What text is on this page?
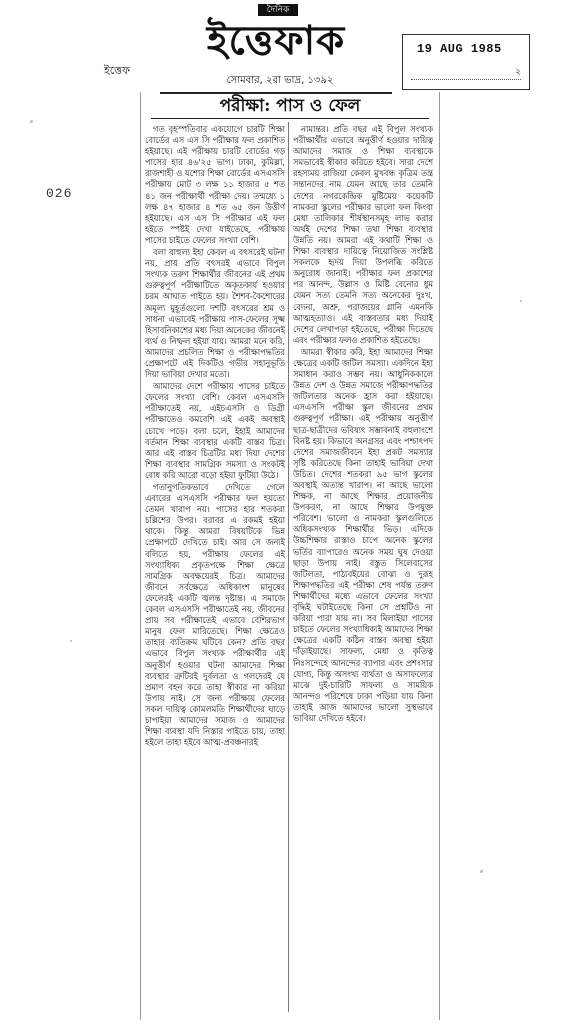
দৈনিক
ইত্তেফাক
সোমবার, ২রা ভাদ্র, ১৩৯২
ইত্তেফ
19 AUG 1985
২
026
পরীক্ষা: পাস ও ফেল

গত বৃহস্পতিবার একযোগে চারটি শিক্ষা বোর্ডের এস এস সি পরীক্ষার ফল প্রকাশিত হইয়াছে। এই পরীক্ষায় চারটি বোর্ডের গড় পাসের হার ৪৬'২৫ ভাগ। ঢাকা, কুমিল্লা, রাজশাহী ও যশোর শিক্ষা বোর্ডের এসএসসি পরীক্ষায় মোট ৩ লক্ষ ১১ হাজার ৫ শত ৪১ জন পরীক্ষার্থী পরীক্ষা দেয়। তন্মধ্যে ১ লক্ষ ৪৭ হাজার ৪ শত ৬৫ জন উত্তীর্ণ হইয়াছে। এস এস সি পরীক্ষার এই ফল হইতে স্পষ্টই দেখা যাইতেছে, পরীক্ষায় পাসের চাইতে ফেলের সংখ্যা বেশি।

বলা বাহুল্য ইহা কেবল এ বৎসরেই ঘটনা নয়, প্রায় প্রতি বৎসরই এভাবে বিপুল সংখ্যক তরুণ শিক্ষার্থীর জীবনের এই প্রথম গুরুত্বপূর্ণ পরীক্ষাটিতে অকৃতকার্য হওয়ার চরম আঘাত পাইতে হয়। শৈশব-কৈশোরের অমূল্য মুহূর্তগুলো দশটি বৎসরের শ্রম ও সাধনা এভাবেই পরীক্ষায় পাস-ফেলের সূক্ষ্ম হিসাবনিকাশের মধ্য দিয়া অনেকের জীবনেই ব্যর্থ ও নিষ্ফল হইয়া যায়। আমরা মনে করি, আমাদের প্রচলিত শিক্ষা ও পরীক্ষাপদ্ধতির প্রেক্ষাপটে এই দিকটিও গভীর সহানুভূতি দিয়া ভাবিয়া দেখার মতো।

আমাদের দেশে পরীক্ষায় পাসের চাইতে ফেলের সংখ্যা বেশি। কেবল এসএসসি পরীক্ষাতেই নয়, এইচএসসি ও ডিগ্রী পরীক্ষাতেও কমবেশি এই একই অবস্থাই চোখে পড়ে। বলা চলে, ইহাই আমাদের বর্তমান শিক্ষা ব্যবস্থার একটি বাস্তব চিত্র। আর এই বাস্তব চিত্রটির মধ্য দিয়া দেশের শিক্ষা ব্যবস্থার সামগ্রিক সমস্যা ও সংকটই বোধ করি আরো বড়ো হইয়া ফুটিয়া উঠে।

গতানুগতিকভাবে দেখিতে গেলে এবারের এসএসসি পরীক্ষার ফল হয়তো তেমন খারাপ নয়। পাসের হার শতকরা চল্লিশের উপর। বরাবর এ রকমই হইয়া থাকে। কিন্তু আমরা বিষয়টিকে ভিন্ন প্রেক্ষাপটে দেখিতে চাই। আর সে জন্যই বলিতে হয়, পরীক্ষায় ফেলের এই সংখ্যাধিক্য প্রকৃতপক্ষে শিক্ষা ক্ষেত্রে সামগ্রিক অবক্ষয়েরই চিত্র। আমাদের জীবনে সর্বক্ষেত্রে অধিকাংশ মানুষের ফেলেরই একটি জ্বলন্ত দৃষ্টান্ত। এ সমাজে কেবল এসএসসি পরীক্ষাতেই নয়, জীবনের প্রায় সব পরীক্ষাতেই এভাবে বেশিরভাগ মানুষ ফেল মারিতেছে। শিক্ষা ক্ষেত্রেও তাহার ব্যতিক্রম ঘটিবে কেন? প্রতি বছর এভাবে বিপুল সংখ্যক পরীক্ষার্থীর এই অনুত্তীর্ণ হওয়ার ঘটনা আমাদের শিক্ষা ব্যবস্থার ত্রুটিরই দুর্বলতা ও গলদেরই যে প্রমাণ বহন করে তাহা স্বীকার না করিয়া উপায় নাই। সে জন্য পরীক্ষায় ফেলের সকল দায়িত্ব কোমলমতি শিক্ষার্থীদের ঘাড়ে চাপাইয়া আমাদের সমাজ ও আমাদের শিক্ষা ব্যবস্থা যদি নিস্তার পাইতে চায়, তাহা হইলে তাহা হইবে আত্ম-প্রবঞ্চনারই

নামান্তর। প্রতি বছর এই বিপুল সংখ্যক পরীক্ষার্থীর এভাবে অনুত্তীর্ণ হওয়ার দায়িত্ব আমাদের সমাজ ও শিক্ষা ব্যবস্থাকে সমভাবেই স্বীকার করিতে হইবে। সারা দেশে রহস্যময় রাজিয়া কেবল মুখবন্ধ কৃত্রিম তন্ত্র সন্তানদের নাম যেমন আছে তার তেমনি দেশের নগরকেন্দ্রিক মুষ্টিমেয় কয়েকটি নামকরা স্কুলের পরীক্ষার ভালো ফল কিংবা মেধা তালিকার শীর্ষস্থানসমূহ লাভ করার অর্থই দেশের শিক্ষা তথা শিক্ষা ব্যবস্থার উন্নতি নয়। আমরা এই কথাটি শিক্ষা ও শিক্ষা ব্যবস্থার দায়িত্বে নিয়োজিত সংশ্লিষ্ট সকলকে হৃদয় দিয়া উপলব্ধি করিতে অনুরোধ জানাই। পরীক্ষার ফল প্রকাশের পর আনন্দ, উল্লাস ও মিষ্টি বেনোর ধুম যেমন সত্য তেমনি সত্য অনেকের দুঃখ, বেদনা, অশ্রু, পরাজয়ের গ্লানি এমনকি আত্মহত্যাও। এই বাস্তবতার মধ্য দিয়াই দেশের লেখাপড়া হইতেছে, পরীক্ষা দিতেছে এবং পরীক্ষার ফলও প্রকাশিত হইতেছে।

আমরা স্বীকার করি, ইহা আমাদের শিক্ষা ক্ষেত্রের একটি জটিল সমস্যা। একদিনে ইহা সমাধান করাও সম্ভব নয়। আধুনিককালে উন্নত দেশ ও উন্নত সমাজে পরীক্ষাপদ্ধতির জটিলতার অনেক হ্রাস করা হইয়াছে। এসএসসি পরীক্ষা স্কুল জীবনের প্রথম গুরুত্বপূর্ণ পরীক্ষা। এই পরীক্ষায় অনুত্তীর্ণ ছাত্র-ছাত্রীদের ভবিষ্যৎ সম্ভাবনাই বহুলাংশে বিনষ্ট হয়। কিভাবে অনগ্রসর এবং পশ্চাৎপদ দেশের সমাজজীবনে ইহা প্রকট সমস্যার সৃষ্টি করিতেছে কিনা তাহাই ভাবিয়া দেখা উচিত। দেশের শতকরা ৯৫ ভাগ স্কুলের অবস্থাই অত্যন্ত খারাপ। না আছে ভালো শিক্ষক, না আছে শিক্ষার প্রয়োজনীয় উপকরণ, না আছে শিক্ষার উপযুক্ত পরিবেশ। ভালো ও নামকরা স্কুলগুলিতে অধিকসংখ্যক শিক্ষার্থীর ভিড়। এদিকে উচ্চশিক্ষার রাস্তাও চাপে অনেক স্কুলের ভর্তির ব্যাপারেও অনেক সময় ঘুষ দেওয়া ছাড়া উপায় নাই। বস্তুত সিলেবাসের জটিলতা, পাঠ্যবইয়ের বোঝা ও দুরূহ শিক্ষাপদ্ধতির এই পরীক্ষা শেষ পর্যন্ত তরুণ শিক্ষার্থীদের মধ্যে এভাবে ফেলের সংখ্যা বৃদ্ধিই ঘটাইতেছে কিনা সে প্রশ্নটিও না করিয়া পারা যায় না। সব মিলাইয়া পাসের চাইতে ফেলের সংখ্যাধিক্যই আমাদের শিক্ষা ক্ষেত্রের একটি কঠিন বাস্তব অবস্থা হইয়া দাঁড়াইয়াছে। সাফল্য, মেধা ও কৃতিত্ব নিঃসন্দেহে আনন্দের ব্যাপার এবং প্রশংসার যোগ্য, কিন্তু অসংখ্য ব্যর্থতা ও অসাফল্যের মাঝে দুই-চারিটি সাফল্য ও সাময়িক আনন্দও পরিশেষে ঢাকা পড়িয়া যায় কিনা তাহাই আজ আমাদের ভালো সুস্থভাবে ভাবিয়া দেখিতে হইবে।
